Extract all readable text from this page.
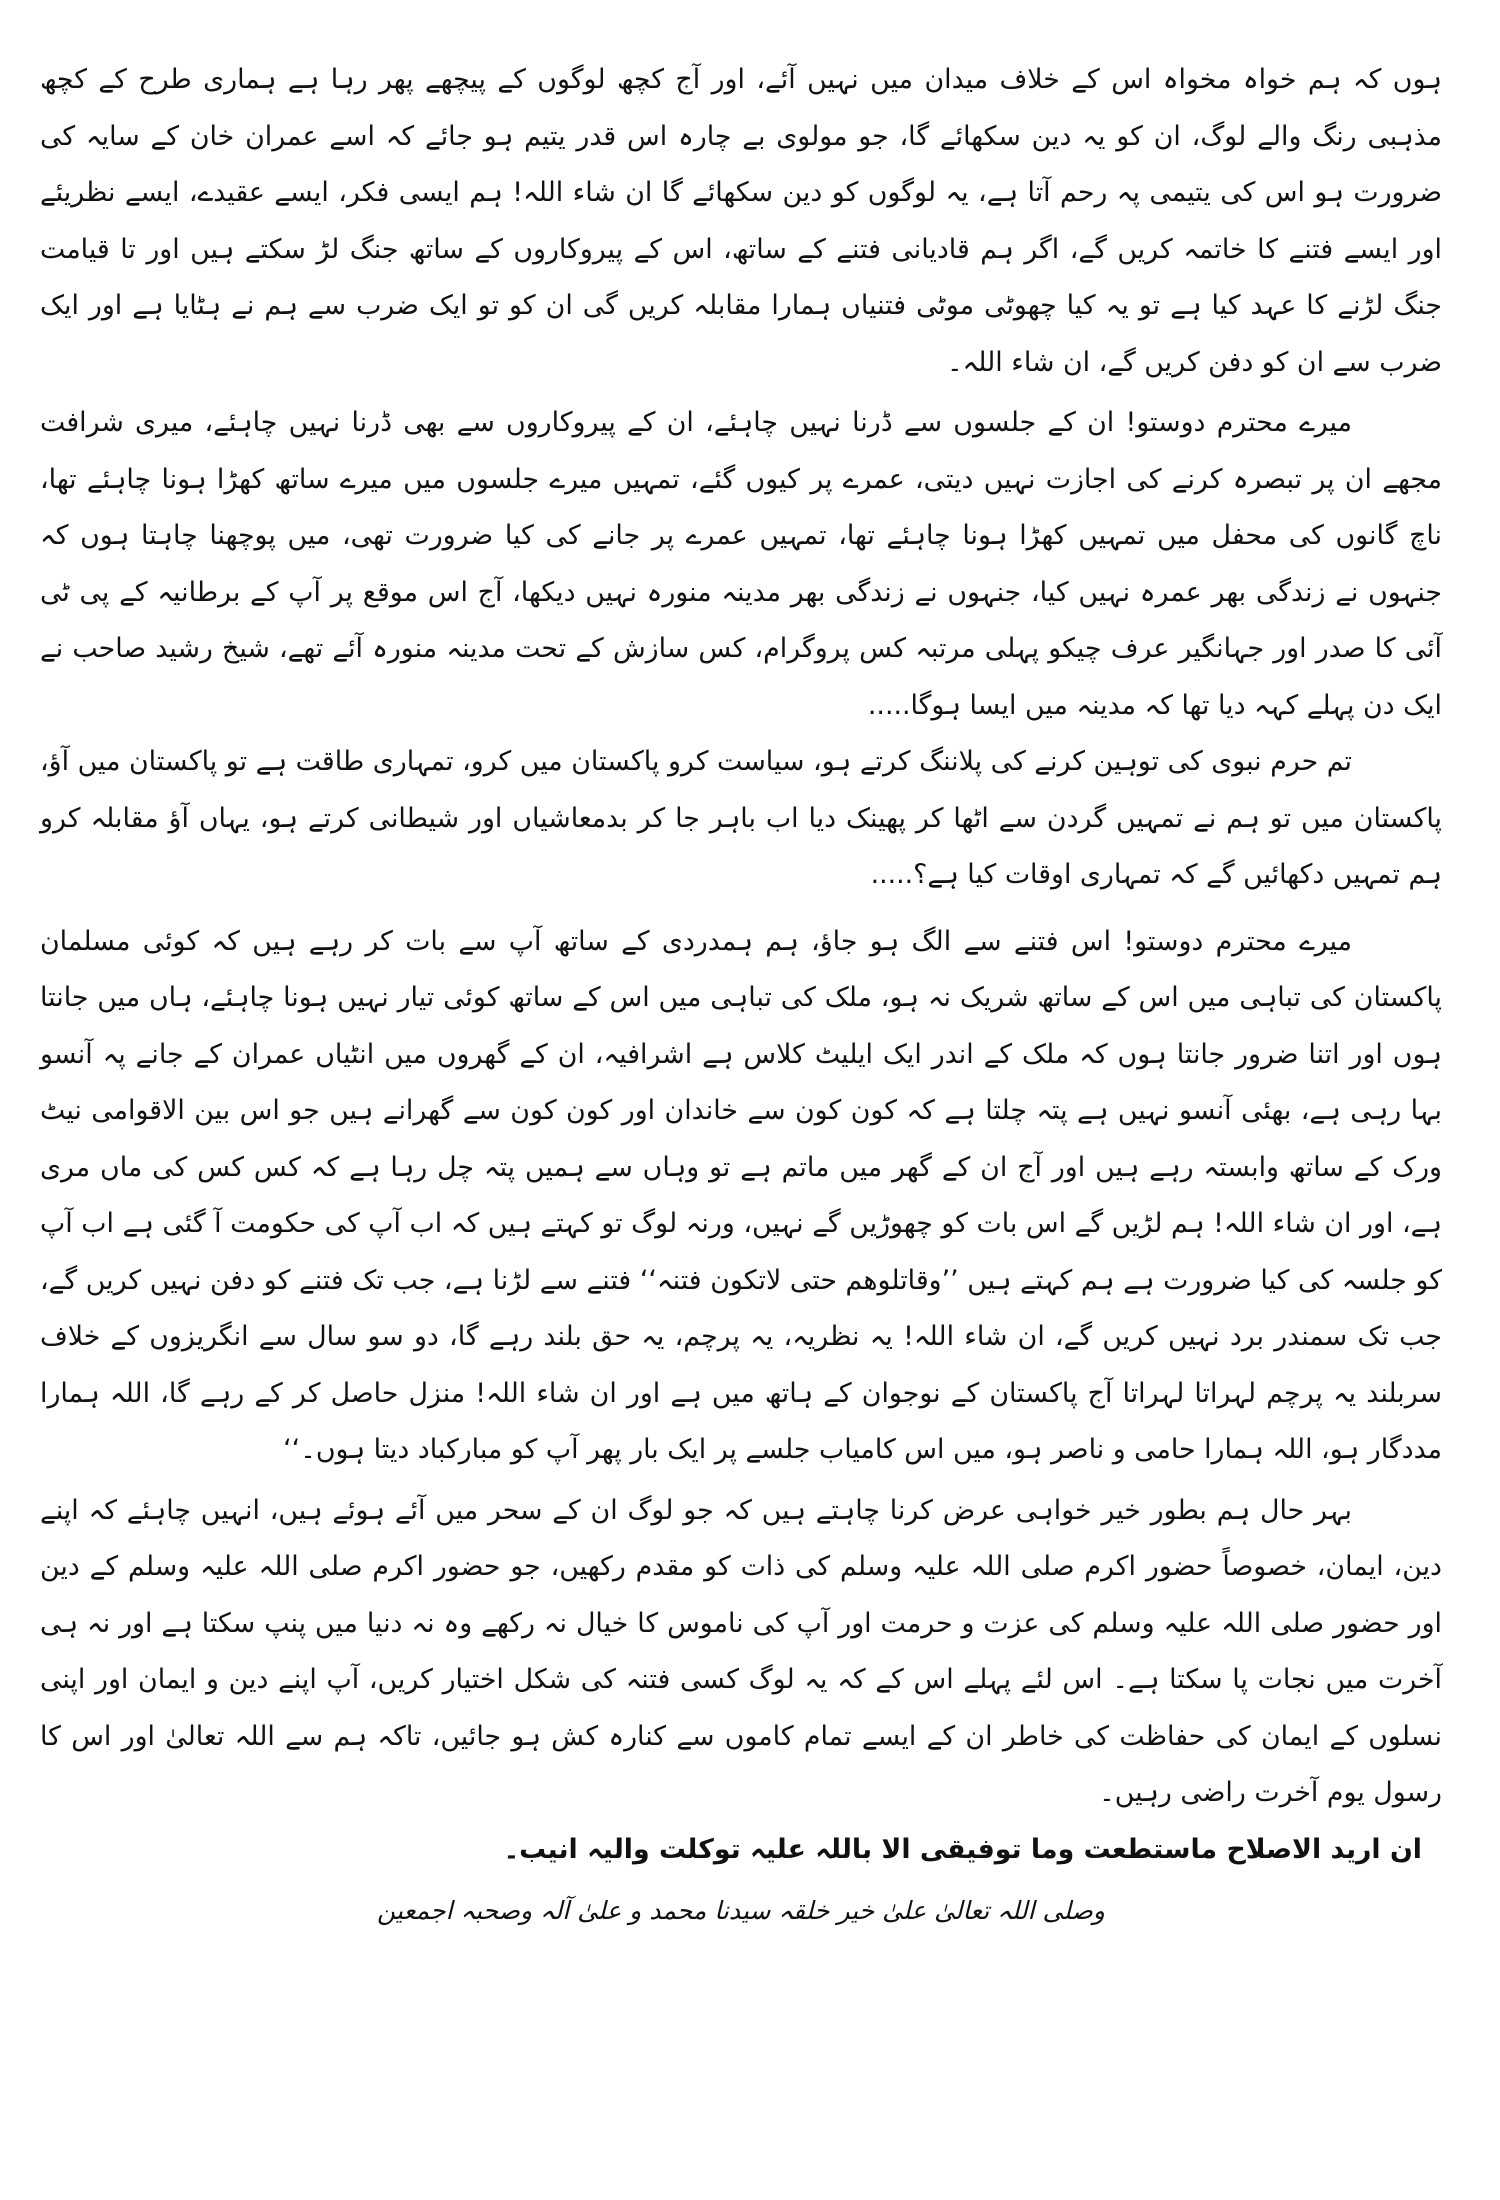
ہوں کہ ہم خواہ مخواہ اس کے خلاف میدان میں نہیں آئے، اور آج کچھ لوگوں کے پیچھے پھر رہا ہے ہماری طرح کے کچھ مذہبی رنگ والے لوگ، ان کو یہ دین سکھائے گا، جو مولوی بے چارہ اس قدر یتیم ہو جائے کہ اسے عمران خان کے سایہ کی ضرورت ہو اس کی یتیمی پہ رحم آتا ہے، یہ لوگوں کو دین سکھائے گا ان شاء اللہ! ہم ایسی فکر، ایسے عقیدے، ایسے نظریئے اور ایسے فتنے کا خاتمہ کریں گے، اگر ہم قادیانی فتنے کے ساتھ، اس کے پیروکاروں کے ساتھ جنگ لڑ سکتے ہیں اور تا قیامت جنگ لڑنے کا عہد کیا ہے تو یہ کیا چھوٹی موٹی فتنیاں ہمارا مقابلہ کریں گی ان کو تو ایک ضرب سے ہم نے ہٹایا ہے اور ایک ضرب سے ان کو دفن کریں گے، ان شاء اللہ۔

میرے محترم دوستو! ان کے جلسوں سے ڈرنا نہیں چاہئے، ان کے پیروکاروں سے بھی ڈرنا نہیں چاہئے، میری شرافت مجھے ان پر تبصرہ کرنے کی اجازت نہیں دیتی، عمرے پر کیوں گئے، تمہیں میرے جلسوں میں میرے ساتھ کھڑا ہونا چاہئے تھا، ناچ گانوں کی محفل میں تمہیں کھڑا ہونا چاہئے تھا، تمہیں عمرے پر جانے کی کیا ضرورت تھی، میں پوچھنا چاہتا ہوں کہ جنہوں نے زندگی بھر عمرہ نہیں کیا، جنہوں نے زندگی بھر مدینہ منورہ نہیں دیکھا، آج اس موقع پر آپ کے برطانیہ کے پی ٹی آئی کا صدر اور جہانگیر عرف چیکو پہلی مرتبہ کس پروگرام، کس سازش کے تحت مدینہ منورہ آئے تھے، شیخ رشید صاحب نے ایک دن پہلے کہہ دیا تھا کہ مدینہ میں ایسا ہوگا.....

تم حرم نبوی کی توہین کرنے کی پلاننگ کرتے ہو، سیاست کرو پاکستان میں کرو، تمہاری طاقت ہے تو پاکستان میں آؤ، پاکستان میں تو ہم نے تمہیں گردن سے اٹھا کر پھینک دیا اب باہر جا کر بدمعاشیاں اور شیطانی کرتے ہو، یہاں آؤ مقابلہ کرو ہم تمہیں دکھائیں گے کہ تمہاری اوقات کیا ہے؟.....

میرے محترم دوستو! اس فتنے سے الگ ہو جاؤ، ہم ہمدردی کے ساتھ آپ سے بات کر رہے ہیں کہ کوئی مسلمان پاکستان کی تباہی میں اس کے ساتھ شریک نہ ہو، ملک کی تباہی میں اس کے ساتھ کوئی تیار نہیں ہونا چاہئے، ہاں میں جانتا ہوں اور اتنا ضرور جانتا ہوں کہ ملک کے اندر ایک ایلیٹ کلاس ہے اشرافیہ، ان کے گھروں میں انٹیاں عمران کے جانے پہ آنسو بہا رہی ہے، بھئی آنسو نہیں ہے پتہ چلتا ہے کہ کون کون سے خاندان اور کون کون سے گھرانے ہیں جو اس بین الاقوامی نیٹ ورک کے ساتھ وابستہ رہے ہیں اور آج ان کے گھر میں ماتم ہے تو وہاں سے ہمیں پتہ چل رہا ہے کہ کس کس کی ماں مری ہے، اور ان شاء اللہ! ہم لڑیں گے اس بات کو چھوڑیں گے نہیں، ورنہ لوگ تو کہتے ہیں کہ اب آپ کی حکومت آ گئی ہے اب آپ کو جلسہ کی کیا ضرورت ہے ہم کہتے ہیں ’’وقاتلوھم حتی لاتکون فتنہ‘‘ فتنے سے لڑنا ہے، جب تک فتنے کو دفن نہیں کریں گے، جب تک سمندر برد نہیں کریں گے، ان شاء اللہ! یہ نظریہ، یہ پرچم، یہ حق بلند رہے گا، دو سو سال سے انگریزوں کے خلاف سربلند یہ پرچم لہراتا لہراتا آج پاکستان کے نوجوان کے ہاتھ میں ہے اور ان شاء اللہ! منزل حاصل کر کے رہے گا، اللہ ہمارا مددگار ہو، اللہ ہمارا حامی و ناصر ہو، میں اس کامیاب جلسے پر ایک بار پھر آپ کو مبارکباد دیتا ہوں۔‘‘

بہر حال ہم بطور خیر خواہی عرض کرنا چاہتے ہیں کہ جو لوگ ان کے سحر میں آئے ہوئے ہیں، انہیں چاہئے کہ اپنے دین، ایمان، خصوصاً حضور اکرم صلی اللہ علیہ وسلم کی ذات کو مقدم رکھیں، جو حضور اکرم صلی اللہ علیہ وسلم کے دین اور حضور صلی اللہ علیہ وسلم کی عزت و حرمت اور آپ کی ناموس کا خیال نہ رکھے وہ نہ دنیا میں پنپ سکتا ہے اور نہ ہی آخرت میں نجات پا سکتا ہے۔ اس لئے پہلے اس کے کہ یہ لوگ کسی فتنہ کی شکل اختیار کریں، آپ اپنے دین و ایمان اور اپنی نسلوں کے ایمان کی حفاظت کی خاطر ان کے ایسے تمام کاموں سے کنارہ کش ہو جائیں، تاکہ ہم سے اللہ تعالیٰ اور اس کا رسول یوم آخرت راضی رہیں۔

ان ارید الاصلاح ماستطعت وما توفیقی الا باللہ علیہ توکلت والیہ انیب۔

وصلی اللہ تعالیٰ علیٰ خیر خلقہ سیدنا محمد و علیٰ آلہ وصحبہ اجمعین
